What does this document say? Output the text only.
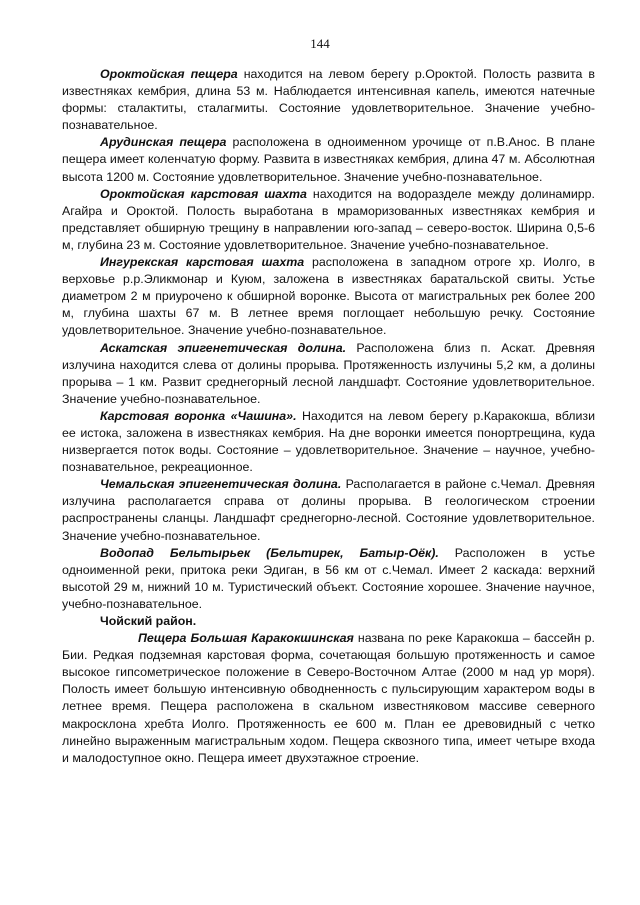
144

Ороктойская пещера находится на левом берегу р.Ороктой. Полость развита в известняках кембрия, длина 53 м. Наблюдается интенсивная капель, имеются натечные формы: сталактиты, сталагмиты. Состояние удовлетворительное. Значение учебно-познавательное.

Арудинская пещера расположена в одноименном урочище от п.В.Анос. В плане пещера имеет коленчатую форму. Развита в известняках кембрия, длина 47 м. Абсолютная высота 1200 м. Состояние удовлетворительное. Значение учебно-познавательное.

Ороктойская карстовая шахта находится на водоразделе между долинамирр. Агайра и Ороктой. Полость выработана в мраморизованных известняках кембрия и представляет обширную трещину в направлении юго-запад – северо-восток. Ширина 0,5-6 м, глубина 23 м. Состояние удовлетворительное. Значение учебно-познавательное.

Ингурекская карстовая шахта расположена в западном отроге хр. Иолго, в верховье р.р.Эликмонар и Куюм, заложена в известняках баратальской свиты. Устье диаметром 2 м приурочено к обширной воронке. Высота от магистральных рек более 200 м, глубина шахты 67 м. В летнее время поглощает небольшую речку. Состояние удовлетворительное. Значение учебно-познавательное.

Аскатская эпигенетическая долина. Расположена близ п. Аскат. Древняя излучина находится слева от долины прорыва. Протяженность излучины 5,2 км, а долины прорыва – 1 км. Развит среднегорный лесной ландшафт. Состояние удовлетворительное. Значение учебно-познавательное.

Карстовая воронка «Чашина». Находится на левом берегу р.Каракокша, вблизи ее истока, заложена в известняках кембрия. На дне воронки имеется понортрещина, куда низвергается поток воды. Состояние – удовлетворительное. Значение – научное, учебно-познавательное, рекреационное.

Чемальская эпигенетическая долина. Располагается в районе с.Чемал. Древняя излучина располагается справа от долины прорыва. В геологическом строении распространены сланцы. Ландшафт среднегорно-лесной. Состояние удовлетворительное. Значение учебно-познавательное.

Водопад Бельтырьек (Бельтирек, Батыр-Оёк). Расположен в устье одноименной реки, притока реки Эдиган, в 56 км от с.Чемал. Имеет 2 каскада: верхний высотой 29 м, нижний 10 м. Туристический объект. Состояние хорошее. Значение научное, учебно-познавательное.

Чойский район.

Пещера Большая Каракокшинская названа по реке Каракокша – бассейн р. Бии. Редкая подземная карстовая форма, сочетающая большую протяженность и самое высокое гипсометрическое положение в Северо-Восточном Алтае (2000 м над ур моря). Полость имеет большую интенсивную обводненность с пульсирующим характером воды в летнее время. Пещера расположена в скальном известняковом массиве северного макросклона хребта Иолго. Протяженность ее 600 м. План ее древовидный с четко линейно выраженным магистральным ходом. Пещера сквозного типа, имеет четыре входа и малодоступное окно. Пещера имеет двухэтажное строение.
